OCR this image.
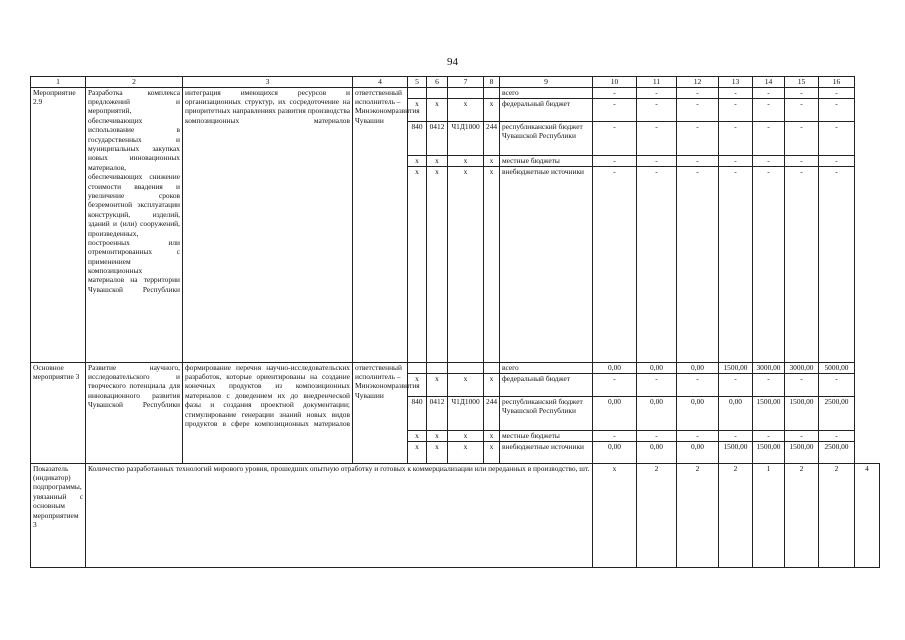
94
1	2	3	4	5	6	7	8	9	10	11	12	13	14	15	16	
Мероприятие 2.9	Разработка комплекса предложений и мероприятий, обеспечивающих использование в государственных и муниципальных закупках новых инновационных материалов, обеспечивающих снижение стоимости ввадения и увеличение сроков безремонтной эксплуатации конструкций, изделий, зданий и (или) сооружений, произведенных, построенных или отремонтированных с применением композиционных материалов на территории Чувашской Республики	интеграция имеющихся ресурсов и организационных структур, их сосредоточение на приоритетных направлениях развития производства композиционных материалов	ответственный исполнитель – Минэкономразвития Чувашии					всего	-	-	-	-	-	-	-	
				x	x	x	x	федеральный бюджет	-	-	-	-	-	-	-	
				840	0412	Ч1Д1000	244	республиканский бюджет Чувашской Республики	-	-	-	-	-	-	-	
				x	x	x	x	местные бюджеты	-	-	-	-	-	-	-	
				x	x	x	x	внебюджетные источники	-	-	-	-	-	-	-	
Основное мероприятие 3	Развитие научного, исследовательского и творческого потенциала для инновационного развития Чувашской Республики	формирование перечня научно-исследовательских разработок, которые ориентированы на создание конечных продуктов из композиционных материалов с доведением их до внедренческой фазы и создания проектной документации; стимулирование генерации знаний новых видов продуктов в сфере композиционных материалов	ответственный исполнитель – Минэкономразвития Чувашии					всего	0,00	0,00	0,00	1500,00	3000,00	3000,00	5000,00	
				x	x	x	x	федеральный бюджет	-	-	-	-	-	-	-	
				840	0412	Ч1Д1000	244	республиканский бюджет Чувашской Республики	0,00	0,00	0,00	0,00	1500,00	1500,00	2500,00	
				x	x	x	x	местные бюджеты	-	-	-	-	-	-	-	
				x	x	x	x	внебюджетные источники	0,00	0,00	0,00	1500,00	1500,00	1500,00	2500,00	
Показатель (индикатор) подпрограммы, увязанный с основным мероприятием 3	Количество разработанных технологий мирового уровня, прошедших опытную отработку и готовых к коммерциализации или переданных в производство, шт.								x	2	2	2	1	2	2	4
